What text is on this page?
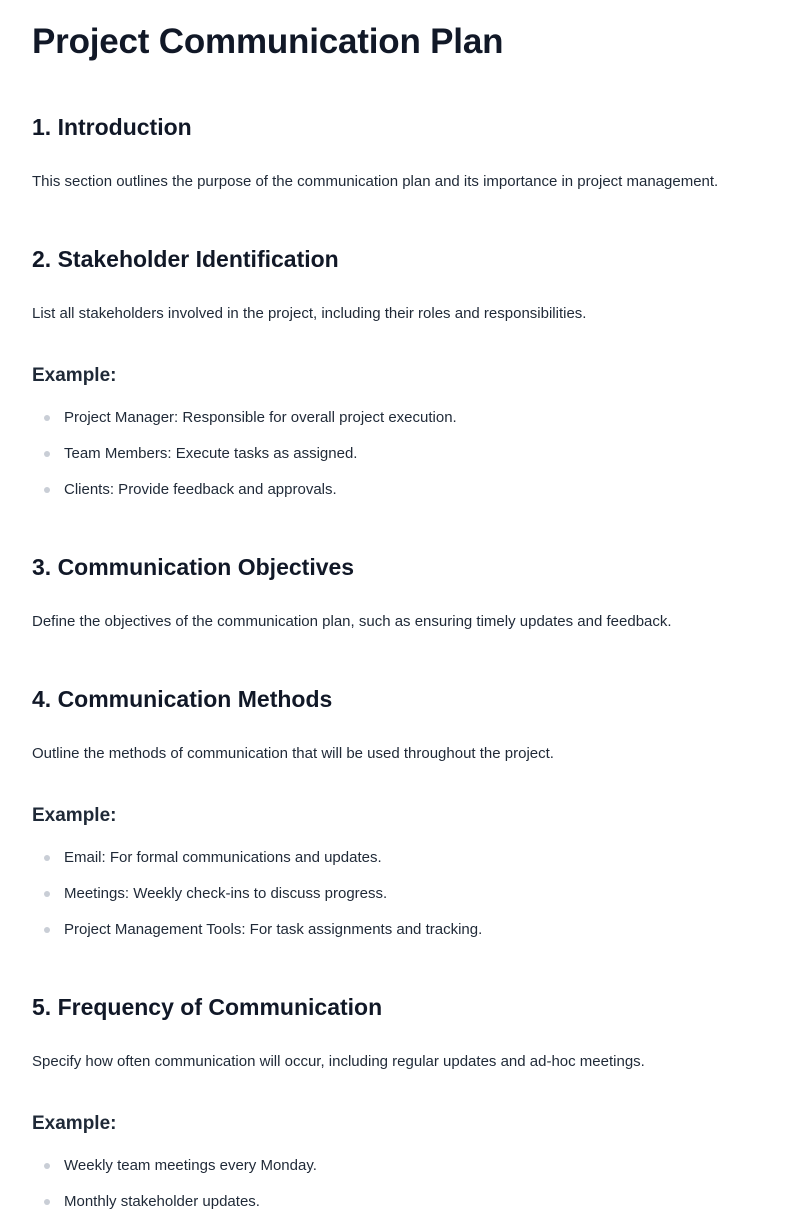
Project Communication Plan
1. Introduction

This section outlines the purpose of the communication plan and its importance in project management.

2. Stakeholder Identification

List all stakeholders involved in the project, including their roles and responsibilities.

Example:
Project Manager: Responsible for overall project execution.
Team Members: Execute tasks as assigned.
Clients: Provide feedback and approvals.
3. Communication Objectives

Define the objectives of the communication plan, such as ensuring timely updates and feedback.

4. Communication Methods

Outline the methods of communication that will be used throughout the project.

Example:
Email: For formal communications and updates.
Meetings: Weekly check-ins to discuss progress.
Project Management Tools: For task assignments and tracking.
5. Frequency of Communication

Specify how often communication will occur, including regular updates and ad-hoc meetings.

Example:
Weekly team meetings every Monday.
Monthly stakeholder updates.
